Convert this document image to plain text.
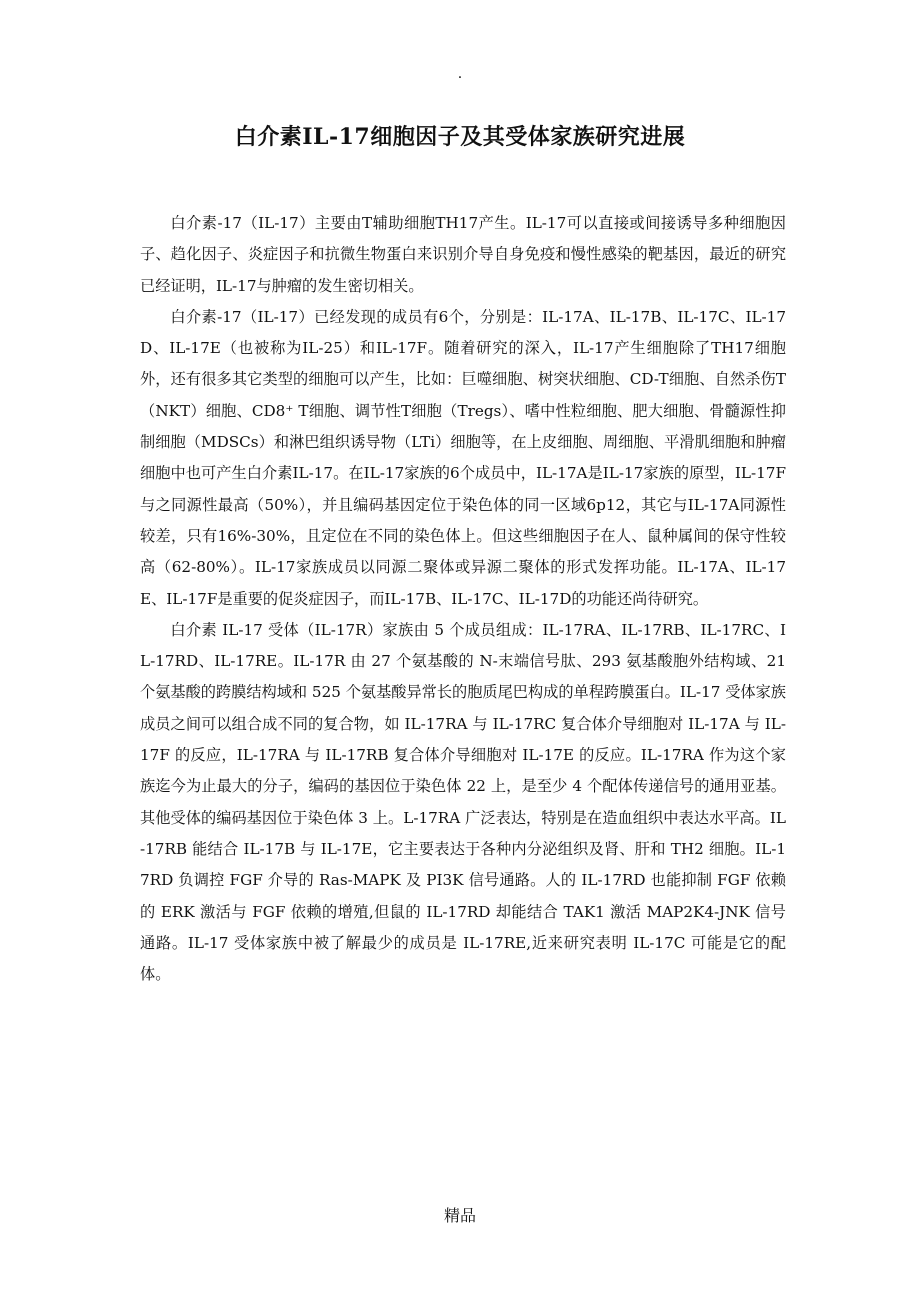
.
白介素IL-17细胞因子及其受体家族研究进展

白介素-17（IL-17）主要由T辅助细胞TH17产生。IL-17可以直接或间接诱导多种细胞因子、趋化因子、炎症因子和抗微生物蛋白来识别介导自身免疫和慢性感染的靶基因，最近的研究已经证明，IL-17与肿瘤的发生密切相关。

白介素-17（IL-17）已经发现的成员有6个，分别是：IL-17A、IL-17B、IL-17C、IL-17D、IL-17E（也被称为IL-25）和IL-17F。随着研究的深入，IL-17产生细胞除了TH17细胞外，还有很多其它类型的细胞可以产生，比如：巨噬细胞、树突状细胞、CD-T细胞、自然杀伤T（NKT）细胞、CD8⁺ T细胞、调节性T细胞（Tregs）、嗜中性粒细胞、肥大细胞、骨髓源性抑制细胞（MDSCs）和淋巴组织诱导物（LTi）细胞等，在上皮细胞、周细胞、平滑肌细胞和肿瘤细胞中也可产生白介素IL-17。在IL-17家族的6个成员中，IL-17A是IL-17家族的原型，IL-17F与之同源性最高（50%），并且编码基因定位于染色体的同一区域6p12，其它与IL-17A同源性较差，只有16%-30%，且定位在不同的染色体上。但这些细胞因子在人、鼠种属间的保守性较高（62-80%）。IL-17家族成员以同源二聚体或异源二聚体的形式发挥功能。IL-17A、IL-17E、IL-17F是重要的促炎症因子，而IL-17B、IL-17C、IL-17D的功能还尚待研究。

白介素 IL-17 受体（IL-17R）家族由 5 个成员组成：IL-17RA、IL-17RB、IL-17RC、IL-17RD、IL-17RE。IL-17R 由 27 个氨基酸的 N-末端信号肽、293 氨基酸胞外结构域、21 个氨基酸的跨膜结构域和 525 个氨基酸异常长的胞质尾巴构成的单程跨膜蛋白。IL-17 受体家族成员之间可以组合成不同的复合物，如 IL-17RA 与 IL-17RC 复合体介导细胞对 IL-17A 与 IL-17F 的反应，IL-17RA 与 IL-17RB 复合体介导细胞对 IL-17E 的反应。IL-17RA 作为这个家族迄今为止最大的分子，编码的基因位于染色体 22 上，是至少 4 个配体传递信号的通用亚基。其他受体的编码基因位于染色体 3 上。L-17RA 广泛表达，特别是在造血组织中表达水平高。IL-17RB 能结合 IL-17B 与 IL-17E，它主要表达于各种内分泌组织及肾、肝和 TH2 细胞。IL-17RD 负调控 FGF 介导的 Ras-MAPK 及 PI3K 信号通路。人的 IL-17RD 也能抑制 FGF 依赖的 ERK 激活与 FGF 依赖的增殖,但鼠的 IL-17RD 却能结合 TAK1 激活 MAP2K4-JNK 信号通路。IL-17 受体家族中被了解最少的成员是 IL-17RE,近来研究表明 IL-17C 可能是它的配体。

精品
